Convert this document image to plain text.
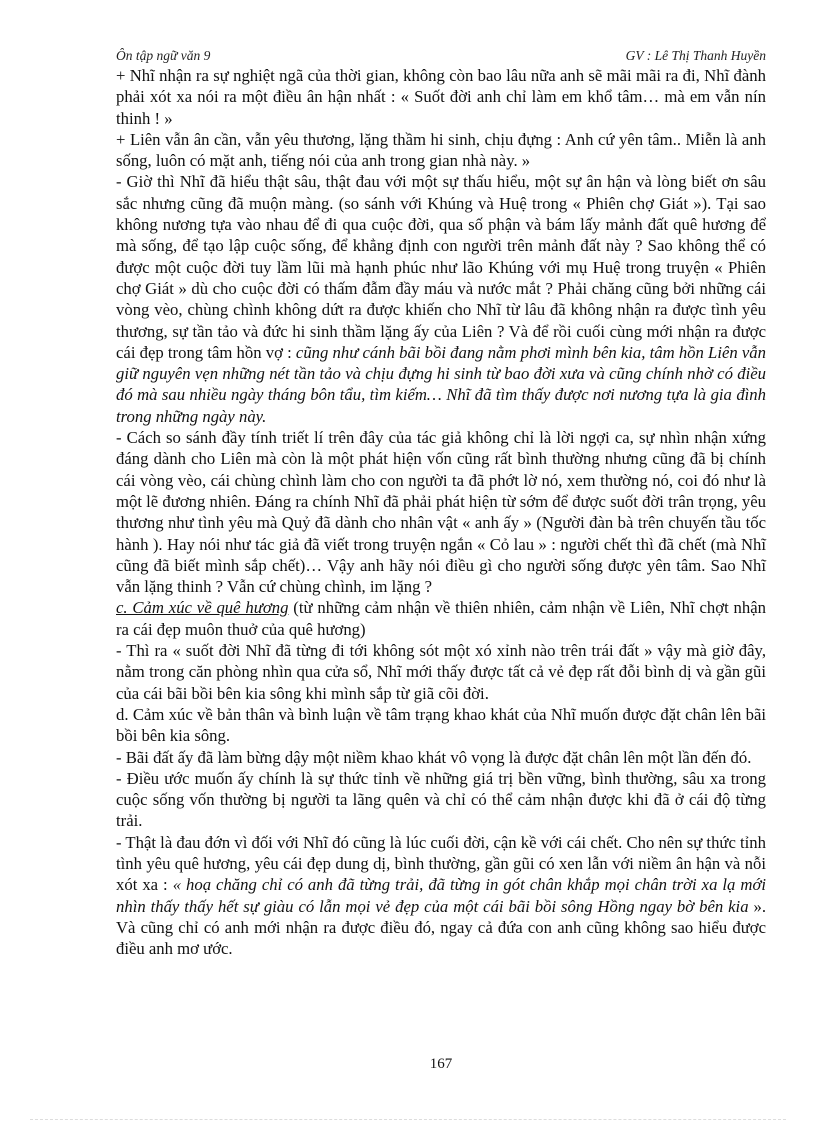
Ôn tập ngữ văn 9	GV : Lê Thị Thanh Huyền

+ Nhĩ nhận ra sự nghiệt ngã của thời gian, không còn bao lâu nữa anh sẽ mãi mãi ra đi, Nhĩ đành phải xót xa nói ra một điều ân hận nhất : « Suốt đời anh chỉ làm em khổ tâm… mà em vẫn nín thinh ! »

+ Liên vẫn ân cần, vẫn yêu thương, lặng thầm hi sinh, chịu đựng : Anh cứ yên tâm.. Miễn là anh sống, luôn có mặt anh, tiếng nói của anh trong gian nhà này. »

- Giờ thì Nhĩ đã hiểu thật sâu, thật đau với một sự thấu hiểu, một sự ân hận và lòng biết ơn sâu sắc nhưng cũng đã muộn màng. (so sánh với Khúng và Huệ trong « Phiên chợ Giát »). Tại sao không nương tựa vào nhau để đi qua cuộc đời, qua số phận và bám lấy mảnh đất quê hương để mà sống, để tạo lập cuộc sống, để khẳng định con người trên mảnh đất này ? Sao không thể có được một cuộc đời tuy lầm lũi mà hạnh phúc như lão Khúng với mụ Huệ trong truyện « Phiên chợ Giát » dù cho cuộc đời có thấm đẫm đầy máu và nước mắt ? Phải chăng cũng bởi những cái vòng vèo, chùng chình không dứt ra được khiến cho Nhĩ từ lâu đã không nhận ra được tình yêu thương, sự tần tảo và đức hi sinh thầm lặng ấy của Liên ? Và để rồi cuối cùng mới nhận ra được cái đẹp trong tâm hồn vợ : cũng như cánh bãi bồi đang nằm phơi mình bên kia, tâm hồn Liên vẫn giữ nguyên vẹn những nét tần tảo và chịu đựng hi sinh từ bao đời xưa và cũng chính nhờ có điều đó mà sau nhiều ngày tháng bôn tẩu, tìm kiếm… Nhĩ đã tìm thấy được nơi nương tựa là gia đình trong những ngày này.

- Cách so sánh đầy tính triết lí trên đây của tác giả không chỉ là lời ngợi ca, sự nhìn nhận xứng đáng dành cho Liên mà còn là một phát hiện vốn cũng rất bình thường nhưng cũng đã bị chính cái vòng vèo, cái chùng chình làm cho con người ta đã phớt lờ nó, xem thường nó, coi đó như là một lẽ đương nhiên. Đáng ra chính Nhĩ đã phải phát hiện từ sớm để được suốt đời trân trọng, yêu thương như tình yêu mà Quỷ đã dành cho nhân vật « anh ấy » (Người đàn bà trên chuyến tầu tốc hành ). Hay nói như tác giả đã viết trong truyện ngắn « Cỏ lau » : người chết thì đã chết (mà Nhĩ cũng đã biết mình sắp chết)… Vậy anh hãy nói điều gì cho người sống được yên tâm. Sao Nhĩ vẫn lặng thinh ? Vẫn cứ chùng chình, im lặng ?

c. Cảm xúc về quê hương (từ những cảm nhận về thiên nhiên, cảm nhận về Liên, Nhĩ chợt nhận ra cái đẹp muôn thuở của quê hương)

- Thì ra « suốt đời Nhĩ đã từng đi tới không sót một xó xỉnh nào trên trái đất » vậy mà giờ đây, nằm trong căn phòng nhìn qua cửa sổ, Nhĩ mới thấy được tất cả vẻ đẹp rất đỗi bình dị và gần gũi của cái bãi bồi bên kia sông khi mình sắp từ giã cõi đời.

d. Cảm xúc về bản thân và bình luận về tâm trạng khao khát của Nhĩ muốn được đặt chân lên bãi bồi bên kia sông.

- Bãi đất ấy đã làm bừng dậy một niềm khao khát vô vọng là được đặt chân lên một lần đến đó.

- Điều ước muốn ấy chính là sự thức tỉnh về những giá trị bền vững, bình thường, sâu xa trong cuộc sống vốn thường bị người ta lãng quên và chỉ có thể cảm nhận được khi đã ở cái độ từng trải.

- Thật là đau đớn vì đối với Nhĩ đó cũng là lúc cuối đời, cận kề với cái chết. Cho nên sự thức tỉnh tình yêu quê hương, yêu cái đẹp dung dị, bình thường, gần gũi có xen lẫn với niềm ân hận và nỗi xót xa : « hoạ chăng chỉ có anh đã từng trải, đã từng in gót chân khắp mọi chân trời xa lạ mới nhìn thấy thấy hết sự giàu có lẫn mọi vẻ đẹp của một cái bãi bồi sông Hồng ngay bờ bên kia ». Và cũng chỉ có anh mới nhận ra được điều đó, ngay cả đứa con anh cũng không sao hiểu được điều anh mơ ước.

167
